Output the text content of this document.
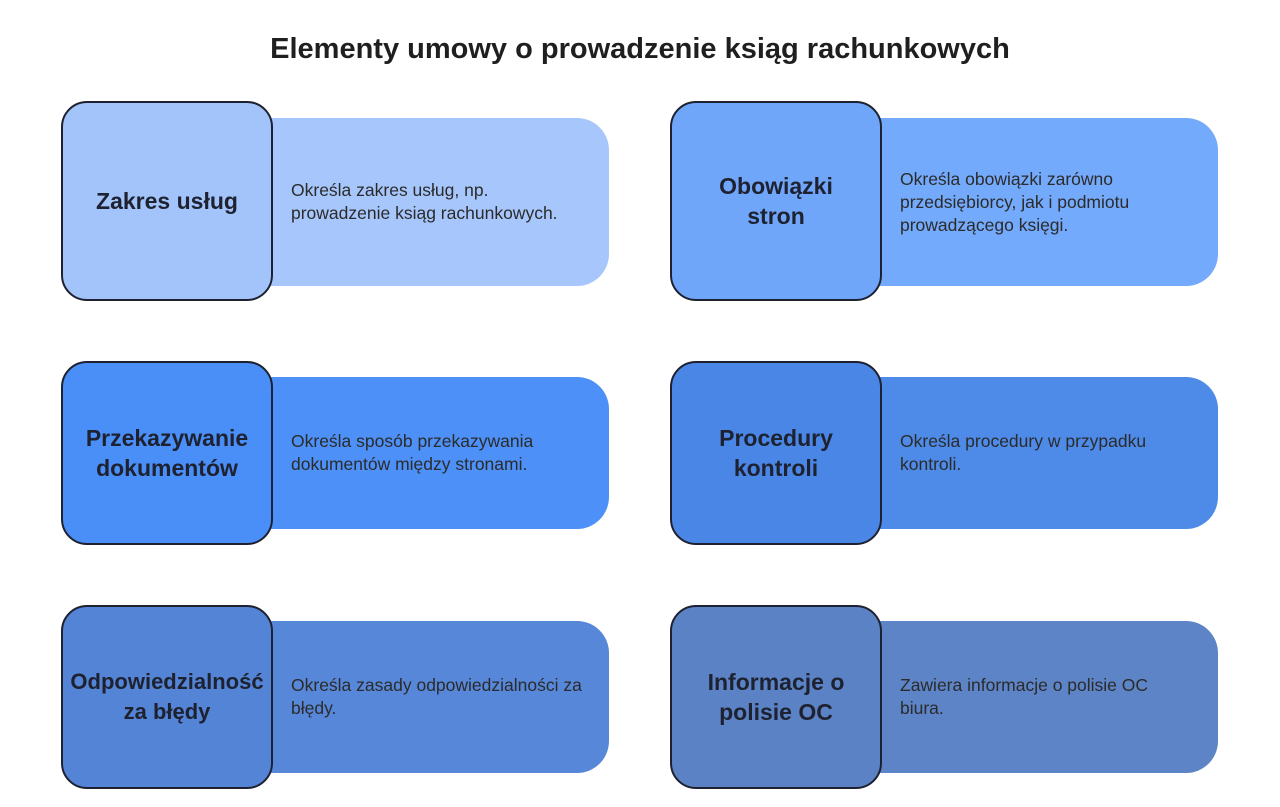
Elementy umowy o prowadzenie ksiąg rachunkowych
Określa zakres usług, np. prowadzenie ksiąg rachunkowych.
Zakres usług
Określa obowiązki zarówno przedsiębiorcy, jak i podmiotu prowadzącego księgi.
Obowiązki stron
Określa sposób przekazywania dokumentów między stronami.
Przekazywanie dokumentów
Określa procedury w przypadku kontroli.
Procedury kontroli
Określa zasady odpowiedzialności za błędy.
Odpowiedzialność za błędy
Zawiera informacje o polisie OC biura.
Informacje o polisie OC
